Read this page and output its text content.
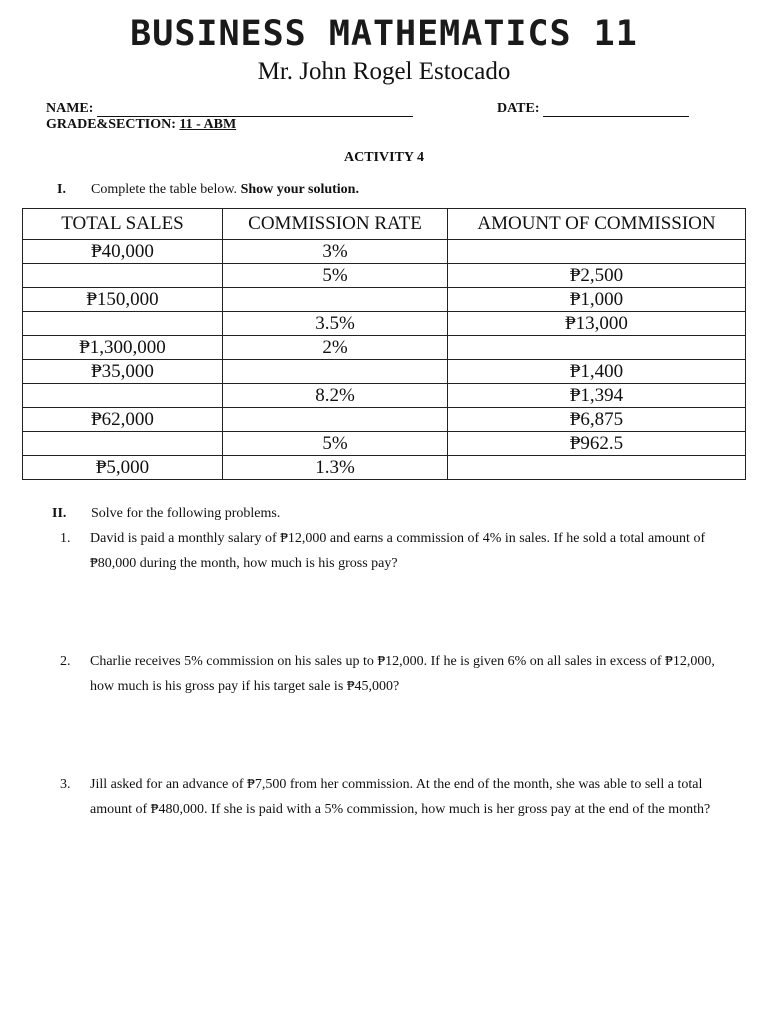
BUSINESS MATHEMATICS 11
Mr. John Rogel Estocado
NAME:	DATE:
GRADE&SECTION: 11 - ABM
ACTIVITY 4
I. Complete the table below. Show your solution.
TOTAL SALES	COMMISSION RATE	AMOUNT OF COMMISSION
₱40,000	3%	
	5%	₱2,500
₱150,000		₱1,000
	3.5%	₱13,000
₱1,300,000	2%	
₱35,000		₱1,400
	8.2%	₱1,394
₱62,000		₱6,875
	5%	₱962.5
₱5,000	1.3%	
II. Solve for the following problems.
1. David is paid a monthly salary of ₱12,000 and earns a commission of 4% in sales. If he sold a total amount of ₱80,000 during the month, how much is his gross pay?
2. Charlie receives 5% commission on his sales up to ₱12,000. If he is given 6% on all sales in excess of ₱12,000, how much is his gross pay if his target sale is ₱45,000?
3. Jill asked for an advance of ₱7,500 from her commission. At the end of the month, she was able to sell a total amount of ₱480,000. If she is paid with a 5% commission, how much is her gross pay at the end of the month?
